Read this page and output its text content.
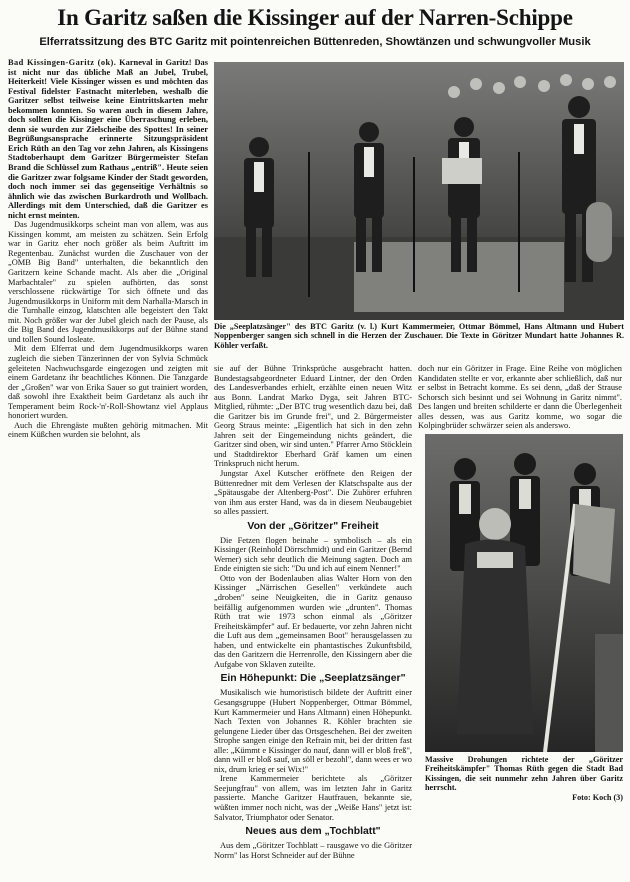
In Garitz saßen die Kissinger auf der Narren-Schippe
Elferratssitzung des BTC Garitz mit pointenreichen Büttenreden, Showtänzen und schwungvoller Musik

Bad Kissingen-Garitz (ok). Karneval in Garitz! Das ist nicht nur das übliche Maß an Jubel, Trubel, Heiterkeit! Viele Kissinger wissen es und möchten das Festival fidelster Fastnacht miterleben, weshalb die Garitzer selbst teilweise keine Eintrittskarten mehr bekommen konnten. So waren auch in diesem Jahre, doch sollten die Kissinger eine Überraschung erleben, denn sie wurden zur Zielscheibe des Spottes! In seiner Begrüßungsansprache erinnerte Sitzungspräsident Erich Rüth an den Tag vor zehn Jahren, als Kissingens Stadtoberhaupt dem Garitzer Bürgermeister Stefan Brand die Schlüssel zum Rathaus „entriß". Heute seien die Garitzer zwar folgsame Kinder der Stadt geworden, doch noch immer sei das gegenseitige Verhältnis so ähnlich wie das zwischen Burkardroth und Wollbach. Allerdings mit dem Unterschied, daß die Garitzer es nicht ernst meinten.

Das Jugendmusikkorps scheint man von allem, was aus Kissingen kommt, am meisten zu schätzen. Sein Erfolg war in Garitz eher noch größer als beim Auftritt im Regentenbau. Zunächst wurden die Zuschauer von der „OMB Big Band" unterhalten, die bekanntlich den Garitzern keine Schande macht. Als aber die „Original Marbachtaler" zu spielen aufhörten, das sonst verschlossene rückwärtige Tor sich öffnete und das Jugendmusikkorps in Uniform mit dem Narhalla-Marsch in die Turnhalle einzog, klatschten alle begeistert den Takt mit. Noch größer war der Jubel gleich nach der Pause, als die Big Band des Jugendmusikkorps auf der Bühne stand und tollen Sound losleate.

Mit dem Elferrat und dem Jugendmusikkorps waren zugleich die sieben Tänzerinnen der von Sylvia Schmück geleiteten Nachwuchsgarde eingezogen und zeigten mit einem Gardetanz ihr beachtliches Können. Die Tanzgarde der „Großen" war von Erika Sauer so gut trainiert worden, daß sowohl ihre Exaktheit beim Gardetanz als auch ihr Temperament beim Rock-'n'-Roll-Showtanz viel Applaus honoriert wurden.

Auch die Ehrengäste mußten gehörig mitmachen. Mit einem Küßchen wurden sie belohnt, als

Die „Seeplatzsänger" des BTC Garitz (v. l.) Kurt Kammermeier, Ottmar Bömmel, Hans Altmann und Hubert Noppenberger sangen sich schnell in die Herzen der Zuschauer. Die Texte in Göritzer Mundart hatte Johannes R. Köhler verfaßt.

sie auf der Bühne Trinksprüche ausgebracht hatten. Bundestagsabgeordneter Eduard Lintner, der den Orden des Landesverbandes erhielt, erzählte einen neuen Witz aus Bonn. Landrat Marko Dyga, seit Jahren BTC-Mitglied, rühmte: „Der BTC trug wesentlich dazu bei, daß die Garitzer bis im Grunde frei", und 2. Bürgermeister Georg Straus meinte: „Eigentlich hat sich in den zehn Jahren seit der Eingemeindung nichts geändert, die Garitzer sind oben, wir sind unten." Pfarrer Arno Stöcklein und Stadtdirektor Eberhard Gräf kamen um einen Trinkspruch nicht herum.

Jungstar Axel Kutscher eröffnete den Reigen der Büttenredner mit dem Verlesen der Klatschspalte aus der „Spätausgabe der Altenberg-Post". Die Zuhörer erfuhren von ihm aus erster Hand, was da in diesem Neubaugebiet so alles passiert.

Von der „Göritzer" Freiheit

Die Fetzen flogen beinahe – symbolisch – als ein Kissinger (Reinhold Dörrschmidt) und ein Garitzer (Bernd Werner) sich sehr deutlich die Meinung sagten. Doch am Ende einigten sie sich: "Du und ich auf einem Nenner!"

Otto von der Bodenlauben alias Walter Horn von den Kissinger „Närrischen Gesellen" verkündete auch „droben" seine Neuigkeiten, die in Garitz genauso beifällig aufgenommen wurden wie „drunten". Thomas Rüth trat wie 1973 schon einmal als „Göritzer Freiheitskämpfer" auf. Er bedauerte, vor zehn Jahren nicht die Luft aus dem „gemeinsamen Boot" herausgelassen zu haben, und entwickelte ein phantastisches Zukunftsbild, das den Garitzern die Herrenrolle, den Kissingern aber die Aufgabe von Sklaven zuteilte.

Ein Höhepunkt: Die „Seeplatzsänger"

Musikalisch wie humoristisch bildete der Auftritt einer Gesangsgruppe (Hubert Noppenberger, Ottmar Bömmel, Kurt Kammermeier und Hans Altmann) einen Höhepunkt. Nach Texten von Johannes R. Köhler brachten sie gelungene Lieder über das Ortsgeschehen. Bei der zweiten Strophe sangen einige den Refrain mit, bei der dritten fast alle: „Kümmt e Kissinger do nauf, dann will er bloß freß", dann will er bloß sauf, un söll er bezohl", dann wees er wo nix, drum krieg er sei Wix!"

Irene Kammermeier berichtete als „Göritzer Seejungfrau" von allem, was im letzten Jahr in Garitz passierte. Manche Garitzer Hautfrauen, bekannte sie, wüßten immer noch nicht, was der „Weiße Hans" jetzt ist: Salvator, Triumphator oder Senator.

Neues aus dem „Tochblatt"

Aus dem „Göritzer Tochblatt – rausgawe vo die Göritzer Norrn" las Horst Schneider auf der Bühne

doch nur ein Göritzer in Frage. Eine Reihe von möglichen Kandidaten stellte er vor, erkannte aber schließlich, daß nur er selbst in Betracht komme. Es sei denn, „daß der Strause Schorsch sich besinnt und sei Wohnung in Garitz nimmt". Des langen und breiten schilderte er dann die Überlegenheit alles dessen, was aus Garitz komme, wo sogar die Kolpingbrüder schwärzer seien als anderswo.

Massive Drohungen richtete der „Göritzer Freiheitskämpfer" Thomas Rüth gegen die Stadt Bad Kissingen, die seit nunmehr zehn Jahren über Garitz herrscht.
Foto: Koch (3)
